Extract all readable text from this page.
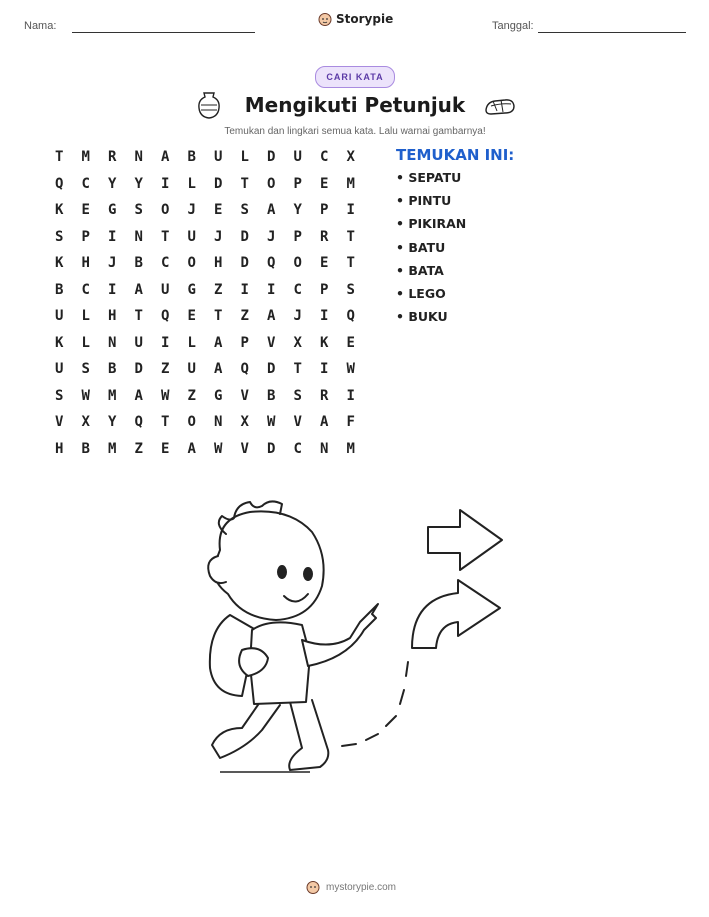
Nama:	Storypie	Tanggal:
CARI KATA
Mengikuti Petunjuk
Temukan dan lingkari semua kata. Lalu warnai gambarnya!
T	M	R	N	A	B	U	L	D	U	C	X
Q	C	Y	Y	I	L	D	T	O	P	E	M
K	E	G	S	O	J	E	S	A	Y	P	I
S	P	I	N	T	U	J	D	J	P	R	T
K	H	J	B	C	O	H	D	Q	O	E	T
B	C	I	A	U	G	Z	I	I	C	P	S
U	L	H	T	Q	E	T	Z	A	J	I	Q
K	L	N	U	I	L	A	P	V	X	K	E
U	S	B	D	Z	U	A	Q	D	T	I	W
S	W	M	A	W	Z	G	V	B	S	R	I
V	X	Y	Q	T	O	N	X	W	V	A	F
H	B	M	Z	E	A	W	V	D	C	N	M
TEMUKAN INI:
• SEPATU
• PINTU
• PIKIRAN
• BATU
• BATA
• LEGO
• BUKU
mystorypie.com
